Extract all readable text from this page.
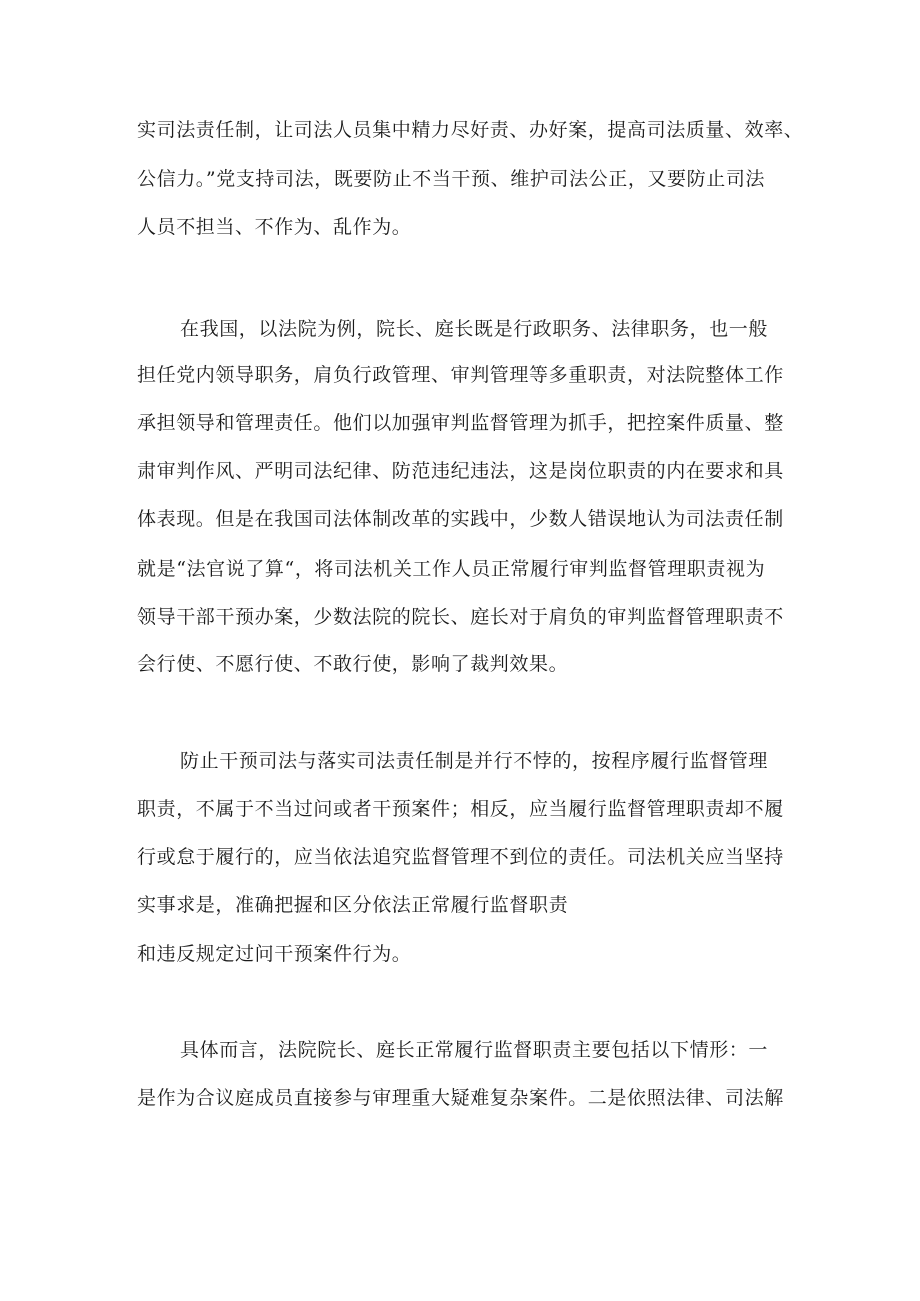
实司法责任制，让司法人员集中精力尽好责、办好案，提高司法质量、效率、
公信力。”党支持司法，既要防止不当干预、维护司法公正，又要防止司法
人员不担当、不作为、乱作为。
在我国，以法院为例，院长、庭长既是行政职务、法律职务，也一般
担任党内领导职务，肩负行政管理、审判管理等多重职责，对法院整体工作
承担领导和管理责任。他们以加强审判监督管理为抓手，把控案件质量、整
肃审判作风、严明司法纪律、防范违纪违法，这是岗位职责的内在要求和具
体表现。但是在我国司法体制改革的实践中，少数人错误地认为司法责任制
就是“法官说了算“，将司法机关工作人员正常履行审判监督管理职责视为
领导干部干预办案，少数法院的院长、庭长对于肩负的审判监督管理职责不
会行使、不愿行使、不敢行使，影响了裁判效果。
防止干预司法与落实司法责任制是并行不悖的，按程序履行监督管理
职责，不属于不当过问或者干预案件；相反，应当履行监督管理职责却不履
行或怠于履行的，应当依法追究监督管理不到位的责任。司法机关应当坚持
实事求是，准确把握和区分依法正常履行监督职责
和违反规定过问干预案件行为。
具体而言，法院院长、庭长正常履行监督职责主要包括以下情形：一
是作为合议庭成员直接参与审理重大疑难复杂案件。二是依照法律、司法解
